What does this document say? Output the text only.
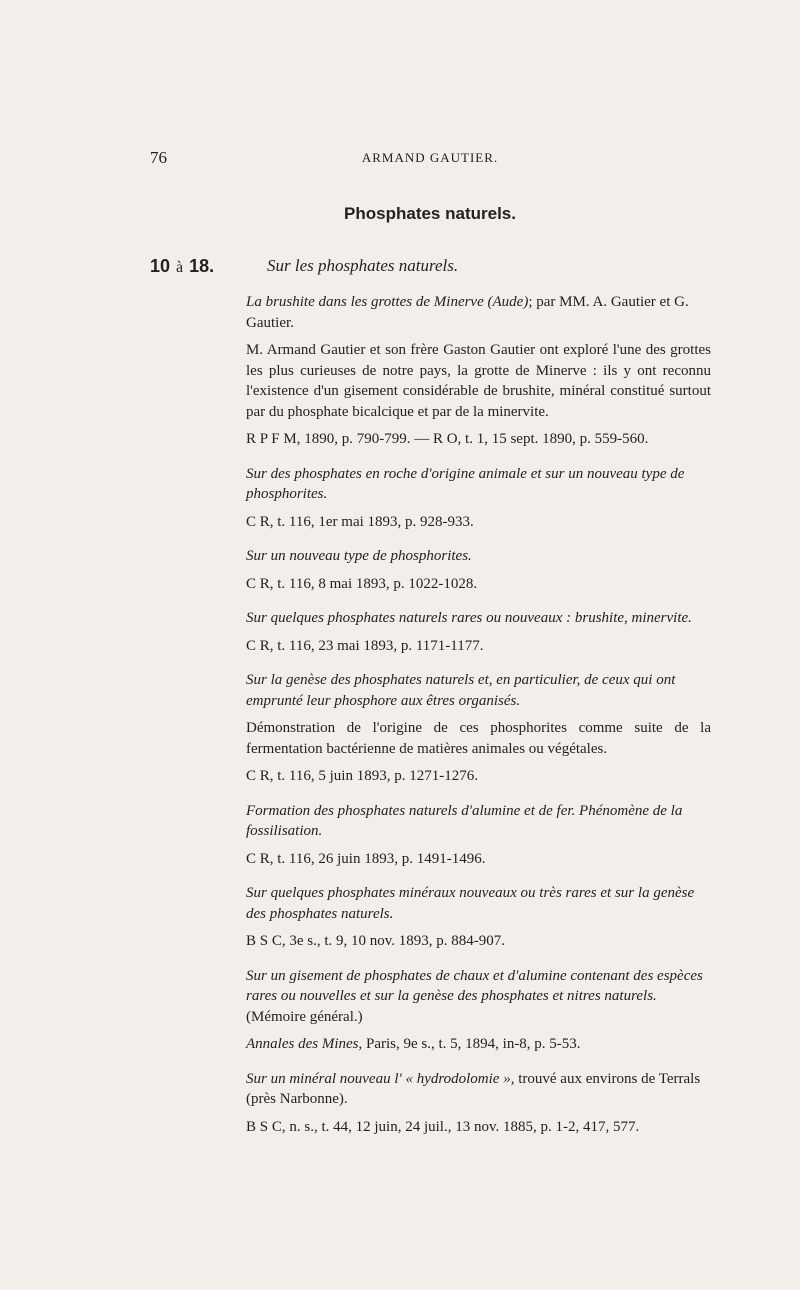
76	ARMAND GAUTIER.
Phosphates naturels.
10 à 18.	Sur les phosphates naturels.

La brushite dans les grottes de Minerve (Aude); par MM. A. Gautier et G. Gautier.

M. Armand Gautier et son frère Gaston Gautier ont exploré l'une des grottes les plus curieuses de notre pays, la grotte de Minerve : ils y ont reconnu l'existence d'un gisement considérable de brushite, minéral constitué surtout par du phosphate bicalcique et par de la minervite.

R P F M, 1890, p. 790-799. — R O, t. 1, 15 sept. 1890, p. 559-560.

Sur des phosphates en roche d'origine animale et sur un nouveau type de phosphorites.

C R, t. 116, 1er mai 1893, p. 928-933.

Sur un nouveau type de phosphorites.

C R, t. 116, 8 mai 1893, p. 1022-1028.

Sur quelques phosphates naturels rares ou nouveaux : brushite, minervite.

C R, t. 116, 23 mai 1893, p. 1171-1177.

Sur la genèse des phosphates naturels et, en particulier, de ceux qui ont emprunté leur phosphore aux êtres organisés.

Démonstration de l'origine de ces phosphorites comme suite de la fermentation bactérienne de matières animales ou végétales.

C R, t. 116, 5 juin 1893, p. 1271-1276.

Formation des phosphates naturels d'alumine et de fer. Phénomène de la fossilisation.

C R, t. 116, 26 juin 1893, p. 1491-1496.

Sur quelques phosphates minéraux nouveaux ou très rares et sur la genèse des phosphates naturels.

B S C, 3e s., t. 9, 10 nov. 1893, p. 884-907.

Sur un gisement de phosphates de chaux et d'alumine contenant des espèces rares ou nouvelles et sur la genèse des phosphates et nitres naturels. (Mémoire général.)

Annales des Mines, Paris, 9e s., t. 5, 1894, in-8, p. 5-53.

Sur un minéral nouveau l' « hydrodolomie », trouvé aux environs de Terrals (près Narbonne).

B S C, n. s., t. 44, 12 juin, 24 juil., 13 nov. 1885, p. 1-2, 417, 577.
